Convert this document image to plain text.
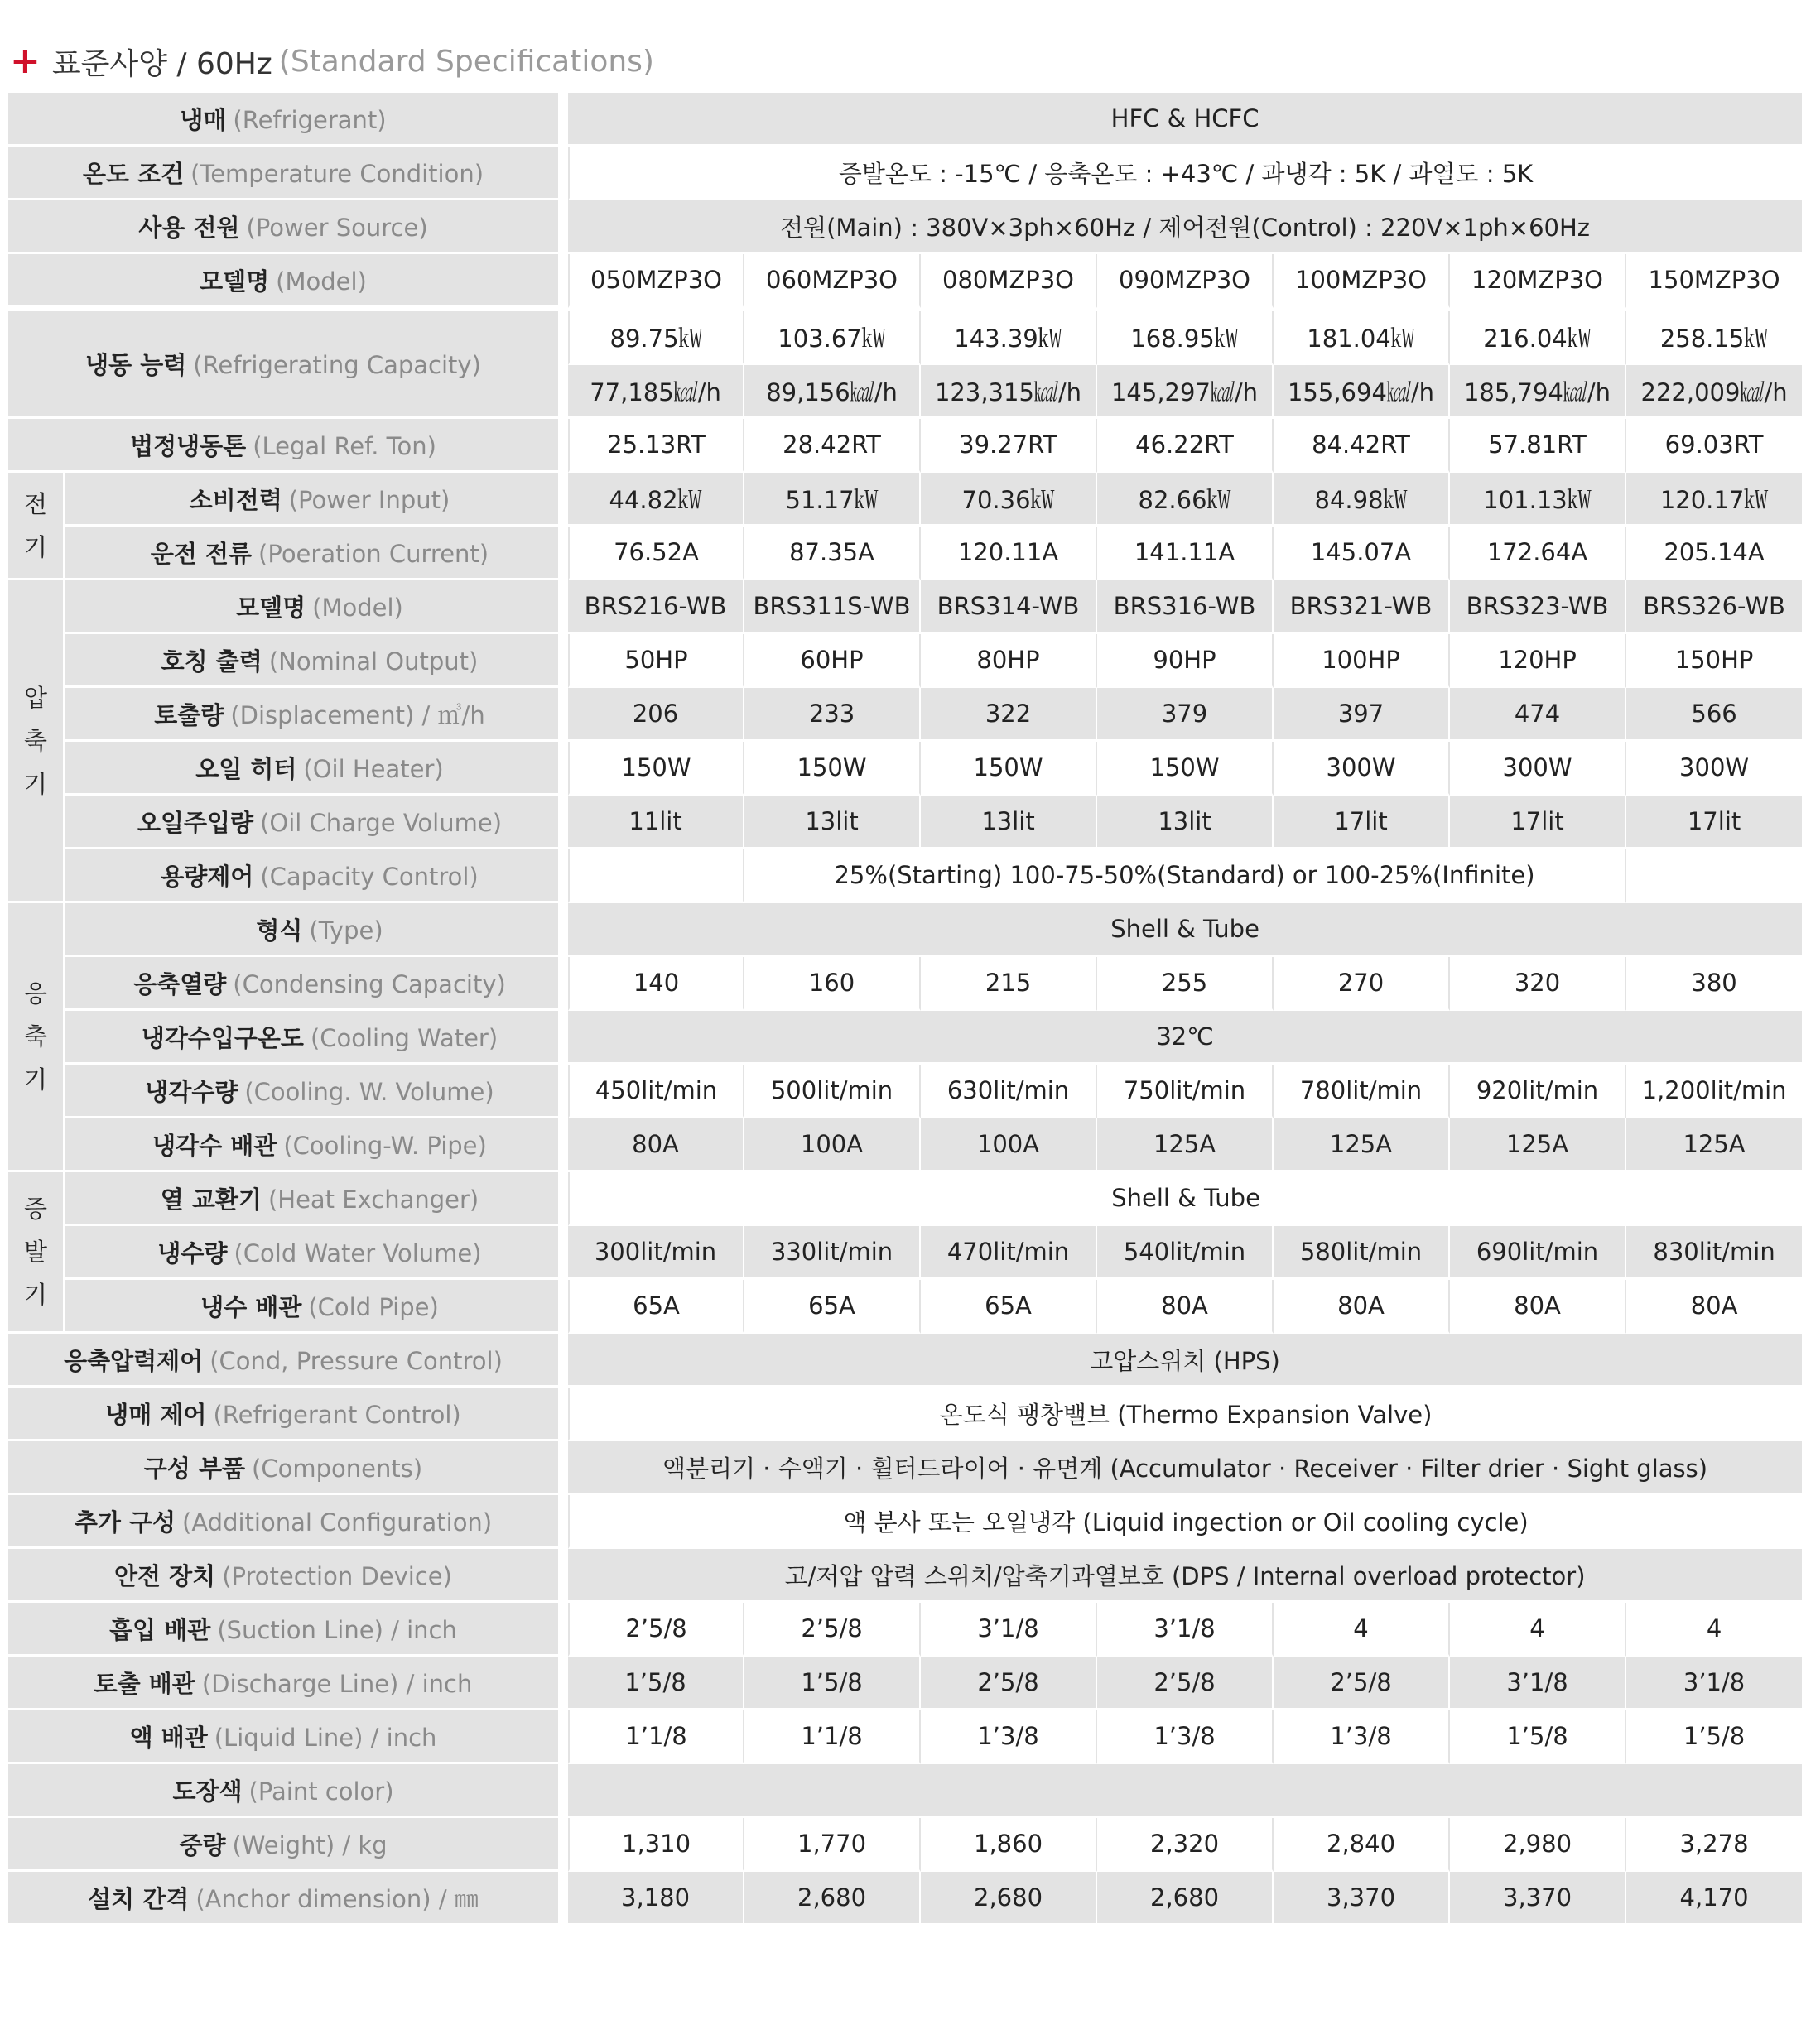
+ 표준사양 / 60Hz (Standard Specifications)
냉매 (Refrigerant)		HFC & HCFC						
온도 조건 (Temperature Condition)		증발온도 : -15℃ / 응축온도 : +43℃ / 과냉각 : 5K / 과열도 : 5K						
사용 전원 (Power Source)		전원(Main) : 380V×3ph×60Hz / 제어전원(Control) : 220V×1ph×60Hz						
모델명 (Model)		050MZP3O	060MZP3O	080MZP3O	090MZP3O	100MZP3O	120MZP3O	150MZP3O

냉동 능력 (Refrigerating Capacity)		89.75㎾	103.67㎾	143.39㎾	168.95㎾	181.04㎾	216.04㎾	258.15㎾
		77,185㎉/h	89,156㎉/h	123,315㎉/h	145,297㎉/h	155,694㎉/h	185,794㎉/h	222,009㎉/h
법정냉동톤 (Legal Ref. Ton)		25.13RT	28.42RT	39.27RT	46.22RT	84.42RT	57.81RT	69.03RT

전
기	소비전력 (Power Input)	44.82㎾	51.17㎾	70.36㎾	82.66㎾	84.98㎾	101.13㎾	120.17㎾
	운전 전류 (Poeration Current)	76.52A	87.35A	120.11A	141.11A	145.07A	172.64A	205.14A

압
축
기	모델명 (Model)	BRS216-WB	BRS311S-WB	BRS314-WB	BRS316-WB	BRS321-WB	BRS323-WB	BRS326-WB
	호칭 출력 (Nominal Output)	50HP	60HP	80HP	90HP	100HP	120HP	150HP
	토출량 (Displacement) / ㎥/h	206	233	322	379	397	474	566
	오일 히터 (Oil Heater)	150W	150W	150W	150W	300W	300W	300W
	오일주입량 (Oil Charge Volume)	11lit	13lit	13lit	13lit	17lit	17lit	17lit
	용량제어 (Capacity Control)		25%(Starting) 100-75-50%(Standard) or 100-25%(Infinite)					

응
축
기	형식 (Type)	Shell & Tube						
	응축열량 (Condensing Capacity)	140	160	215	255	270	320	380
	냉각수입구온도 (Cooling Water)	32℃						
	냉각수량 (Cooling. W. Volume)	450lit/min	500lit/min	630lit/min	750lit/min	780lit/min	920lit/min	1,200lit/min
	냉각수 배관 (Cooling-W. Pipe)	80A	100A	100A	125A	125A	125A	125A

증
발
기	열 교환기 (Heat Exchanger)	Shell & Tube						
	냉수량 (Cold Water Volume)	300lit/min	330lit/min	470lit/min	540lit/min	580lit/min	690lit/min	830lit/min
	냉수 배관 (Cold Pipe)	65A	65A	65A	80A	80A	80A	80A
응축압력제어 (Cond, Pressure Control)		고압스위치 (HPS)						
냉매 제어 (Refrigerant Control)		온도식 팽창밸브 (Thermo Expansion Valve)						
구성 부품 (Components)		액분리기 · 수액기 · 휠터드라이어 · 유면계 (Accumulator · Receiver · Filter drier · Sight glass)						
추가 구성 (Additional Configuration)		액 분사 또는 오일냉각 (Liquid ingection or Oil cooling cycle)						
안전 장치 (Protection Device)		고/저압 압력 스위치/압축기과열보호 (DPS / Internal overload protector)						
흡입 배관 (Suction Line) / inch		2’5/8	2’5/8	3’1/8	3’1/8	4	4	4
토출 배관 (Discharge Line) / inch		1’5/8	1’5/8	2’5/8	2’5/8	2’5/8	3’1/8	3’1/8
액 배관 (Liquid Line) / inch		1’1/8	1’1/8	1’3/8	1’3/8	1’3/8	1’5/8	1’5/8
도장색 (Paint color)								
중량 (Weight) / kg		1,310	1,770	1,860	2,320	2,840	2,980	3,278
설치 간격 (Anchor dimension) / ㎜		3,180	2,680	2,680	2,680	3,370	3,370	4,170
